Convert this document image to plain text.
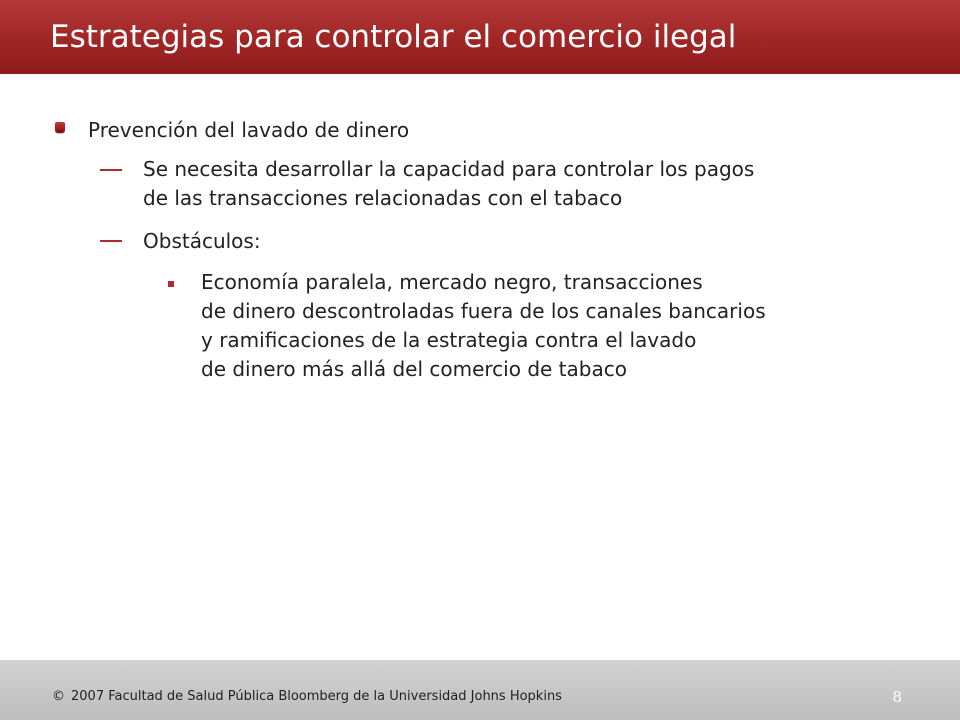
Estrategias para controlar el comercio ilegal
Prevención del lavado de dinero
Se necesita desarrollar la capacidad para controlar los pagos
de las transacciones relacionadas con el tabaco
Obstáculos:
Economía paralela, mercado negro, transacciones
de dinero descontroladas fuera de los canales bancarios
y ramificaciones de la estrategia contra el lavado
de dinero más allá del comercio de tabaco
© 2007 Facultad de Salud Pública Bloomberg de la Universidad Johns Hopkins	8
